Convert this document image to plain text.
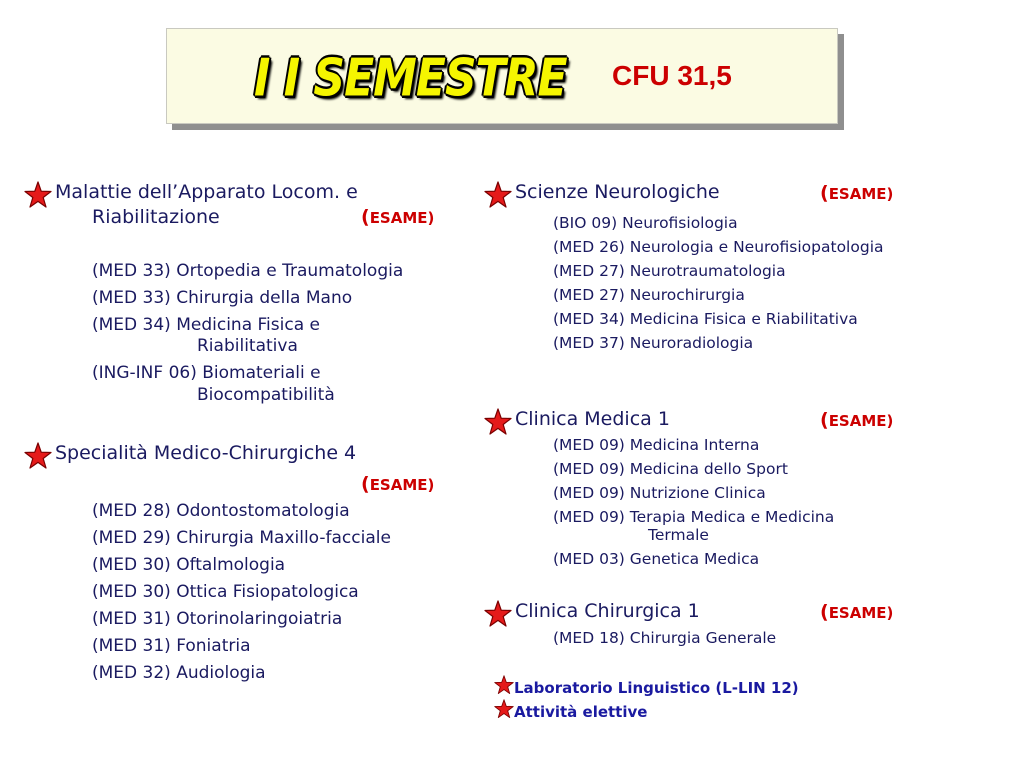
I I SEMESTRE CFU 31,5

Malattie dell’Apparato Locom. e
Riabilitazione	(ESAME)
(MED 33) Ortopedia e Traumatologia
(MED 33) Chirurgia della Mano
(MED 34) Medicina Fisica e
Riabilitativa
(ING-INF 06) Biomateriali e
Biocompatibilità
Specialità Medico-Chirurgiche 4
(ESAME)
(MED 28) Odontostomatologia
(MED 29) Chirurgia Maxillo-facciale
(MED 30) Oftalmologia
(MED 30) Ottica Fisiopatologica
(MED 31) Otorinolaringoiatria
(MED 31) Foniatria
(MED 32) Audiologia
Scienze Neurologiche	(ESAME)
(BIO 09) Neurofisiologia
(MED 26) Neurologia e Neurofisiopatologia
(MED 27) Neurotraumatologia
(MED 27) Neurochirurgia
(MED 34) Medicina Fisica e Riabilitativa
(MED 37) Neuroradiologia
Clinica Medica 1	(ESAME)
(MED 09) Medicina Interna
(MED 09) Medicina dello Sport
(MED 09) Nutrizione Clinica
(MED 09) Terapia Medica e Medicina
Termale
(MED 03) Genetica Medica
Clinica Chirurgica 1	(ESAME)
(MED 18) Chirurgia Generale
Laboratorio Linguistico (L-LIN 12)
Attività elettive
